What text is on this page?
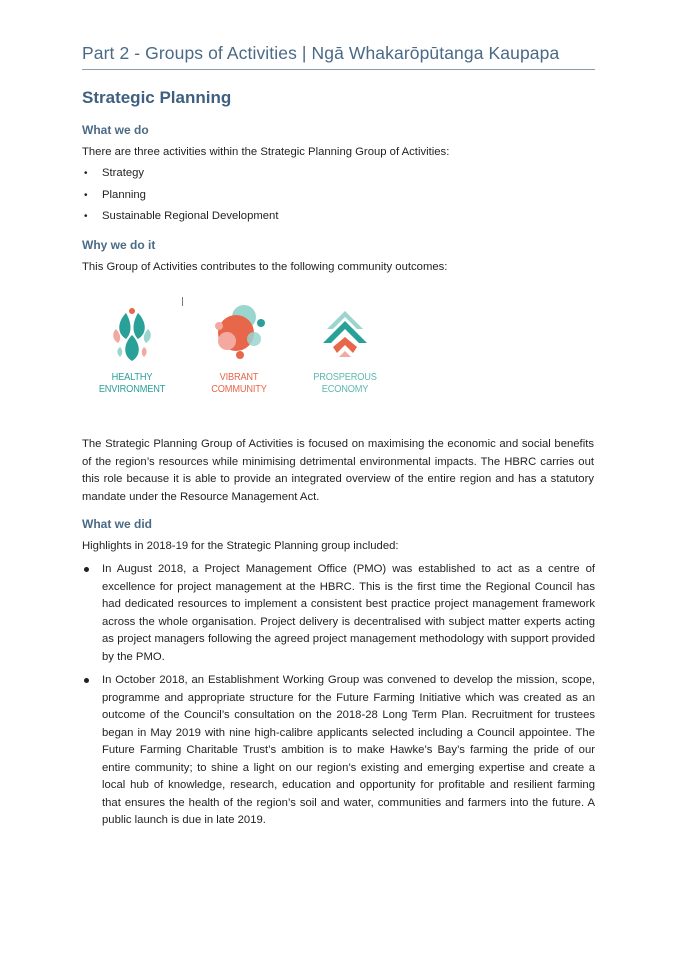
Part 2 - Groups of Activities | Ngā Whakarōpūtanga Kaupapa
Strategic Planning
What we do
There are three activities within the Strategic Planning Group of Activities:
• Strategy
• Planning
• Sustainable Regional Development
Why we do it
This Group of Activities contributes to the following community outcomes:
HEALTHY
ENVIRONMENT
VIBRANT
COMMUNITY
PROSPEROUS
ECONOMY

The Strategic Planning Group of Activities is focused on maximising the economic and social benefits of the region’s resources while minimising detrimental environmental impacts. The HBRC carries out this role because it is able to provide an integrated overview of the entire region and has a statutory mandate under the Resource Management Act.

What we did
Highlights in 2018-19 for the Strategic Planning group included:
In August 2018, a Project Management Office (PMO) was established to act as a centre of excellence for project management at the HBRC. This is the first time the Regional Council has had dedicated resources to implement a consistent best practice project management framework across the whole organisation. Project delivery is decentralised with subject matter experts acting as project managers following the agreed project management methodology with support provided by the PMO.
In October 2018, an Establishment Working Group was convened to develop the mission, scope, programme and appropriate structure for the Future Farming Initiative which was created as an outcome of the Council’s consultation on the 2018-28 Long Term Plan. Recruitment for trustees began in May 2019 with nine high-calibre applicants selected including a Council appointee. The Future Farming Charitable Trust’s ambition is to make Hawke’s Bay’s farming the pride of our entire community; to shine a light on our region’s existing and emerging expertise and create a local hub of knowledge, research, education and opportunity for profitable and resilient farming that ensures the health of the region’s soil and water, communities and farmers into the future. A public launch is due in late 2019.
